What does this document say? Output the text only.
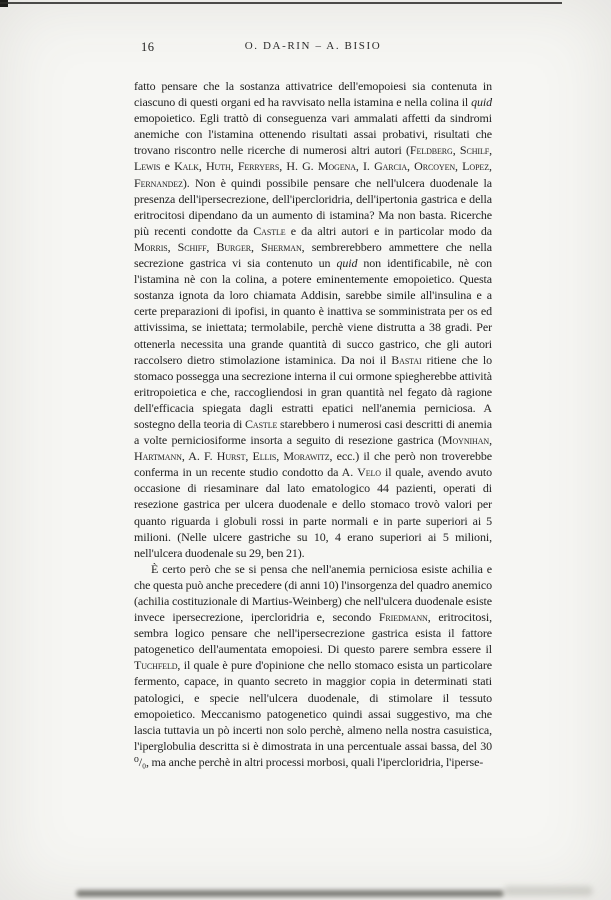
16	O. DA-RIN – A. BISIO

fatto pensare che la sostanza attivatrice dell'emopoiesi sia contenuta in ciascuno di questi organi ed ha ravvisato nella istamina e nella colina il quid emopoietico. Egli trattò di conseguenza vari ammalati affetti da sindromi anemiche con l'istamina ottenendo risultati assai probativi, risultati che trovano riscontro nelle ricerche di numerosi altri autori (Feldberg, Schilf, Lewis e Kalk, Huth, Ferryers, H. G. Mogena, I. Garcia, Orcoyen, Lopez, Fernandez). Non è quindi possibile pensare che nell'ulcera duodenale la presenza dell'ipersecrezione, dell'ipercloridria, dell'ipertonia gastrica e della eritrocitosi dipendano da un aumento di istamina? Ma non basta. Ricerche più recenti condotte da Castle e da altri autori e in particolar modo da Morris, Schiff, Burger, Sherman, sembrerebbero ammettere che nella secrezione gastrica vi sia contenuto un quid non identificabile, nè con l'istamina nè con la colina, a potere eminentemente emopoietico. Questa sostanza ignota da loro chiamata Addisin, sarebbe simile all'insulina e a certe preparazioni di ipofisi, in quanto è inattiva se somministrata per os ed attivissima, se iniettata; termolabile, perchè viene distrutta a 38 gradi. Per ottenerla necessita una grande quantità di succo gastrico, che gli autori raccolsero dietro stimolazione istaminica. Da noi il Bastai ritiene che lo stomaco possegga una secrezione interna il cui ormone spiegherebbe attività eritropoietica e che, raccogliendosi in gran quantità nel fegato dà ragione dell'efficacia spiegata dagli estratti epatici nell'anemia perniciosa. A sostegno della teoria di Castle starebbero i numerosi casi descritti di anemia a volte perniciosiforme insorta a seguito di resezione gastrica (Moynihan, Hartmann, A. F. Hurst, Ellis, Morawitz, ecc.) il che però non troverebbe conferma in un recente studio condotto da A. Velo il quale, avendo avuto occasione di riesaminare dal lato ematologico 44 pazienti, operati di resezione gastrica per ulcera duodenale e dello stomaco trovò valori per quanto riguarda i globuli rossi in parte normali e in parte superiori ai 5 milioni. (Nelle ulcere gastriche su 10, 4 erano superiori ai 5 milioni, nell'ulcera duodenale su 29, ben 21).

È certo però che se si pensa che nell'anemia perniciosa esiste achilia e che questa può anche precedere (di anni 10) l'insorgenza del quadro anemico (achilia costituzionale di Martius-Weinberg) che nell'ulcera duodenale esiste invece ipersecrezione, ipercloridria e, secondo Friedmann, eritrocitosi, sembra logico pensare che nell'ipersecrezione gastrica esista il fattore patogenetico dell'aumentata emopoiesi. Di questo parere sembra essere il Tuchfeld, il quale è pure d'opinione che nello stomaco esista un particolare fermento, capace, in quanto secreto in maggior copia in determinati stati patologici, e specie nell'ulcera duodenale, di stimolare il tessuto emopoietico. Meccanismo patogenetico quindi assai suggestivo, ma che lascia tuttavia un pò incerti non solo perchè, almeno nella nostra casuistica, l'iperglobulia descritta si è dimostrata in una percentuale assai bassa, del 30 ⁰/₀, ma anche perchè in altri processi morbosi, quali l'ipercloridria, l'iperse-
